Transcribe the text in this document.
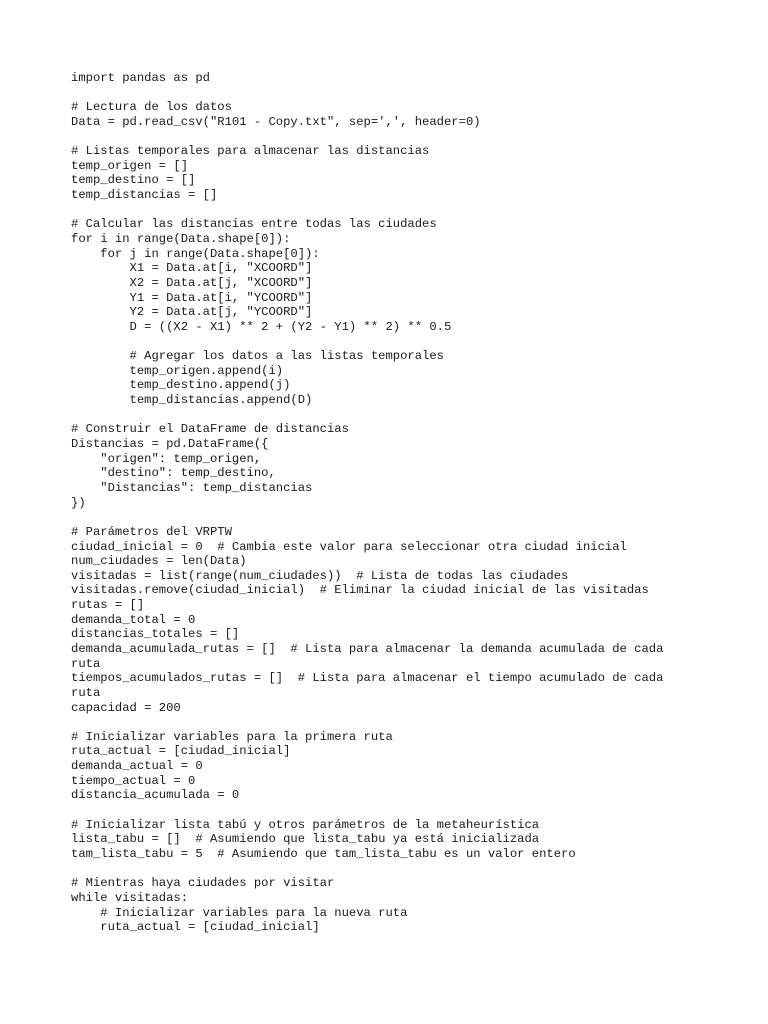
import pandas as pd

# Lectura de los datos
Data = pd.read_csv("R101 - Copy.txt", sep=',', header=0)

# Listas temporales para almacenar las distancias
temp_origen = []
temp_destino = []
temp_distancias = []

# Calcular las distancias entre todas las ciudades
for i in range(Data.shape[0]):
for j in range(Data.shape[0]):
X1 = Data.at[i, "XCOORD"]
X2 = Data.at[j, "XCOORD"]
Y1 = Data.at[i, "YCOORD"]
Y2 = Data.at[j, "YCOORD"]
D = ((X2 - X1) ** 2 + (Y2 - Y1) ** 2) ** 0.5

# Agregar los datos a las listas temporales
temp_origen.append(i)
temp_destino.append(j)
temp_distancias.append(D)

# Construir el DataFrame de distancias
Distancias = pd.DataFrame({
"origen": temp_origen,
"destino": temp_destino,
"Distancias": temp_distancias
})

# Parámetros del VRPTW
ciudad_inicial = 0  # Cambia este valor para seleccionar otra ciudad inicial
num_ciudades = len(Data)
visitadas = list(range(num_ciudades))  # Lista de todas las ciudades
visitadas.remove(ciudad_inicial)  # Eliminar la ciudad inicial de las visitadas
rutas = []
demanda_total = 0
distancias_totales = []
demanda_acumulada_rutas = []  # Lista para almacenar la demanda acumulada de cada
ruta
tiempos_acumulados_rutas = []  # Lista para almacenar el tiempo acumulado de cada
ruta
capacidad = 200

# Inicializar variables para la primera ruta
ruta_actual = [ciudad_inicial]
demanda_actual = 0
tiempo_actual = 0
distancia_acumulada = 0

# Inicializar lista tabú y otros parámetros de la metaheurística
lista_tabu = []  # Asumiendo que lista_tabu ya está inicializada
tam_lista_tabu = 5  # Asumiendo que tam_lista_tabu es un valor entero

# Mientras haya ciudades por visitar
while visitadas:
# Inicializar variables para la nueva ruta
ruta_actual = [ciudad_inicial]
